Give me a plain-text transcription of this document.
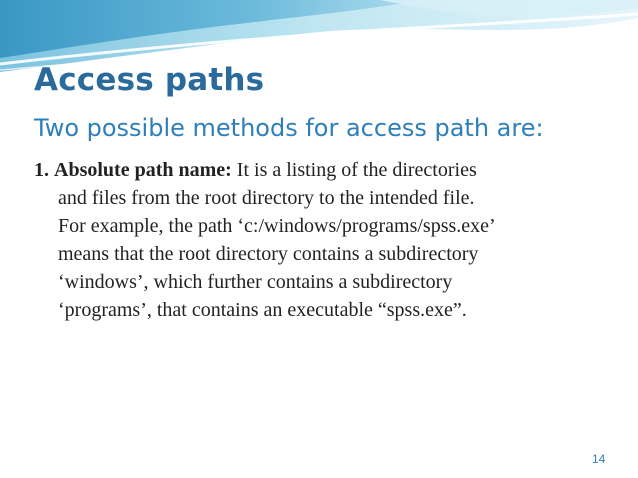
Access paths
Two possible methods for access path are:
1. Absolute path name: It is a listing of the directories
and files from the root directory to the intended file.
For example, the path ‘c:/windows/programs/spss.exe’
means that the root directory contains a subdirectory
‘windows’, which further contains a subdirectory
‘programs’, that contains an executable “spss.exe”.
14
